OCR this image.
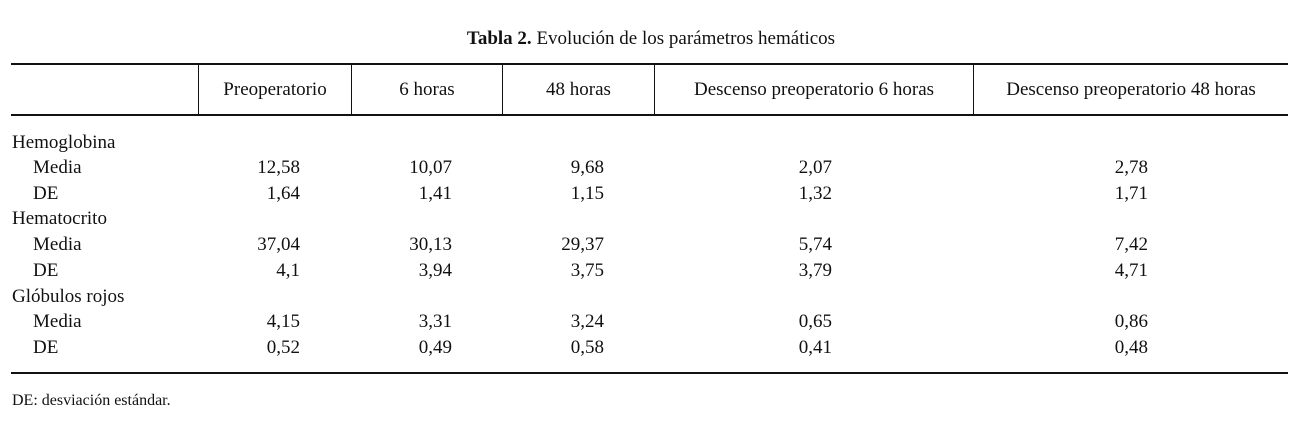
Tabla 2. Evolución de los parámetros hemáticos
Preoperatorio	6 horas	48 horas	Descenso preoperatorio 6 horas	Descenso preoperatorio 48 horas
Hemoglobina
Media	12,58	10,07	9,68	2,07	2,78
DE	1,64	1,41	1,15	1,32	1,71
Hematocrito
Media	37,04	30,13	29,37	5,74	7,42
DE	4,1	3,94	3,75	3,79	4,71
Glóbulos rojos
Media	4,15	3,31	3,24	0,65	0,86
DE	0,52	0,49	0,58	0,41	0,48
DE: desviación estándar.
